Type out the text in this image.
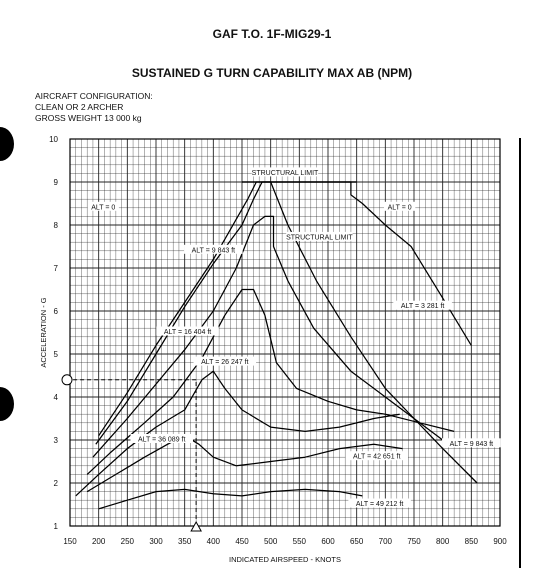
GAF T.O. 1F-MIG29-1
SUSTAINED G TURN CAPABILITY MAX AB (NPM)
AIRCRAFT CONFIGURATION:
CLEAN OR 2 ARCHER
GROSS WEIGHT 13 000 kg
150 200 250 300 350 400 450 500 550 600 650 700 750 800 850 900
1
2
3
4
5
6
7
8
9
10
INDICATED AIRSPEED - KNOTS
ACCELERATION - G
STRUCTURAL LIMIT
STRUCTURAL LIMIT
ALT = 0	ALT = 0
ALT = 9 843 ft
ALT = 16 404 ft
ALT = 26 247 ft
ALT = 36 089 ft
ALT = 42 651 ft
ALT = 49 212 ft
ALT = 3 281 ft
ALT = 9 843 ft
